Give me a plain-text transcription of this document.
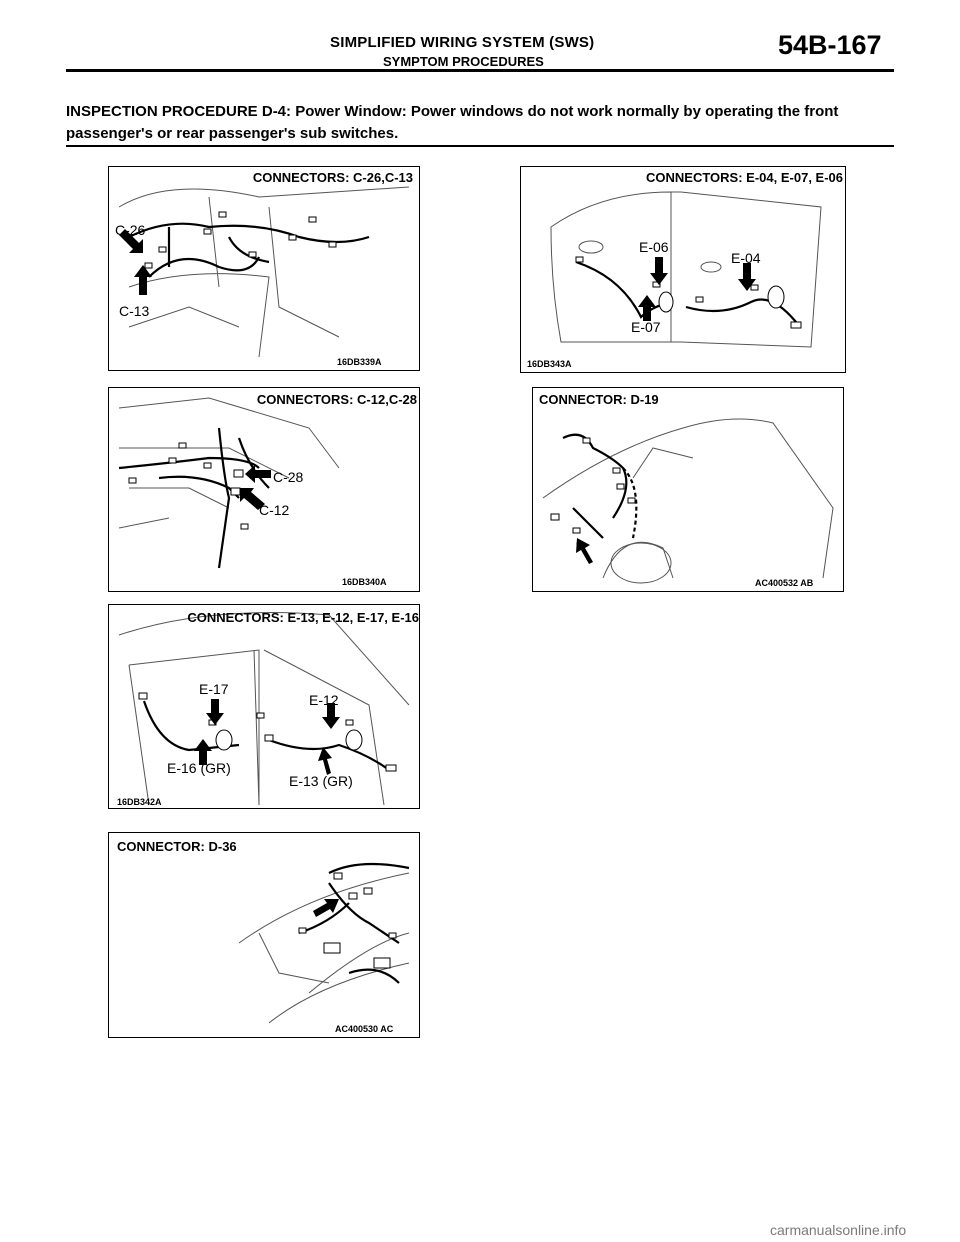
SIMPLIFIED WIRING SYSTEM (SWS)
SYMPTOM PROCEDURES
54B-167
INSPECTION PROCEDURE D-4: Power Window: Power windows do not work normally by operating the front passenger's or rear passenger's sub switches.
CONNECTORS: C-26,C-13
C-26
C-13
16DB339A
CONNECTORS: E-04, E-07, E-06
E-06
E-04
E-07
16DB343A
CONNECTORS: C-12,C-28
C-28
C-12
16DB340A
CONNECTOR: D-19
AC400532 AB
CONNECTORS: E-13, E-12, E-17, E-16
E-17
E-12
E-16 (GR)
E-13 (GR)
16DB342A
CONNECTOR: D-36
AC400530 AC
carmanualsonline.info
